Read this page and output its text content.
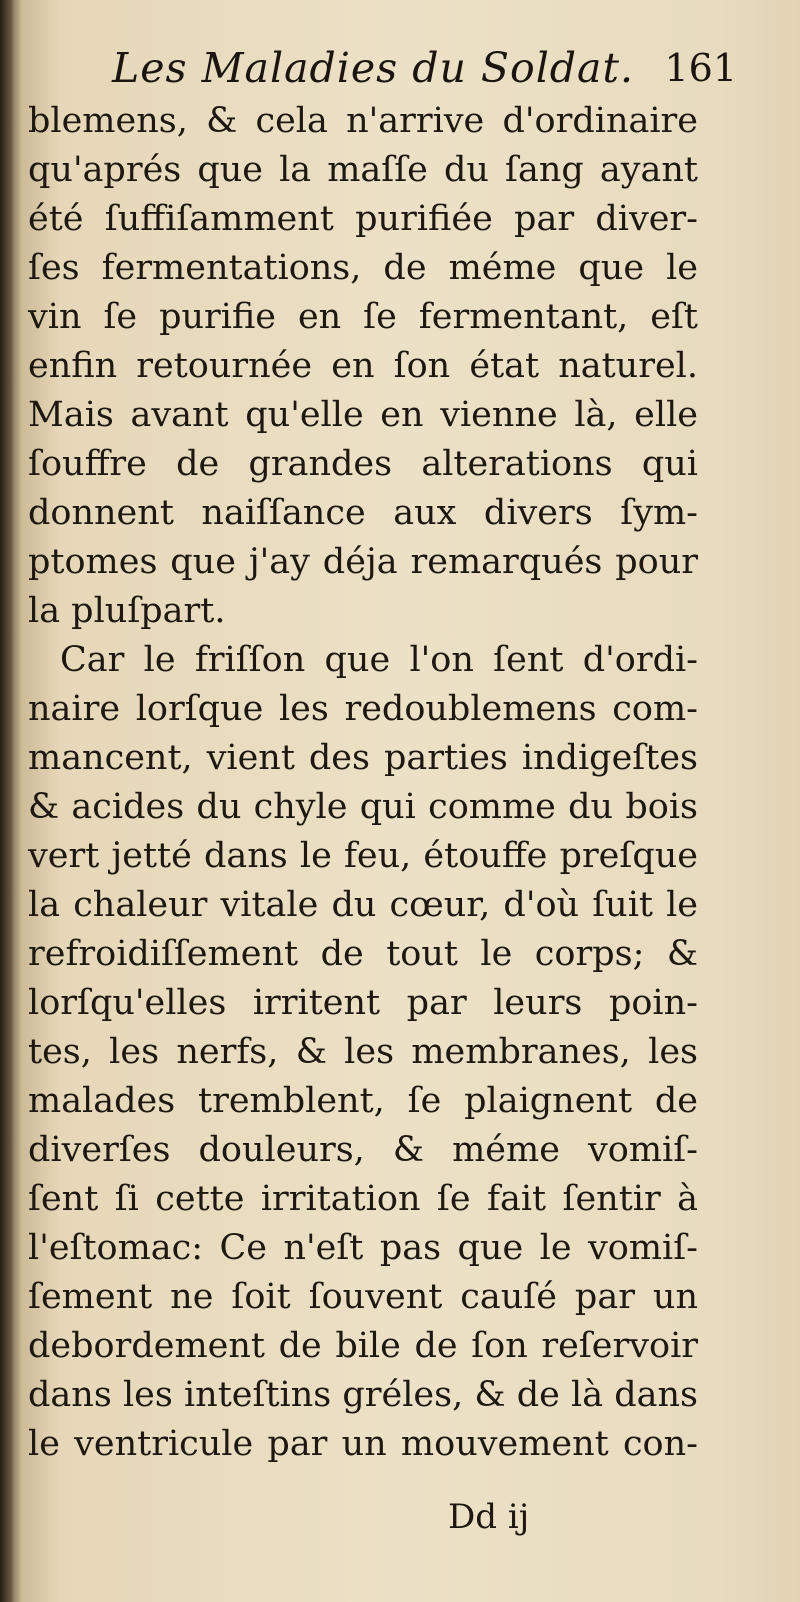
Les Maladies du Soldat. 161
blemens, & cela n'arrive d'ordinaire
qu'aprés que la maſſe du ſang ayant
été ſuffiſamment purifiée par diver-
ſes fermentations, de méme que le
vin ſe purifie en ſe fermentant, eſt
enfin retournée en ſon état naturel.
Mais avant qu'elle en vienne là, elle
ſouffre de grandes alterations qui
donnent naiſſance aux divers ſym-
ptomes que j'ay déja remarqués pour
la pluſpart.
Car le friſſon que l'on ſent d'ordi-
naire lorſque les redoublemens com-
mancent, vient des parties indigeſtes
& acides du chyle qui comme du bois
vert jetté dans le feu, étouffe preſque
la chaleur vitale du cœur, d'où ſuit le
refroidiſſement de tout le corps; &
lorſqu'elles irritent par leurs poin-
tes, les nerfs, & les membranes, les
malades tremblent, ſe plaignent de
diverſes douleurs, & méme vomiſ-
ſent ſi cette irritation ſe fait ſentir à
l'eſtomac: Ce n'eſt pas que le vomiſ-
ſement ne ſoit ſouvent cauſé par un
debordement de bile de ſon reſervoir
dans les inteſtins gréles, & de là dans
le ventricule par un mouvement con-
Dd ij
